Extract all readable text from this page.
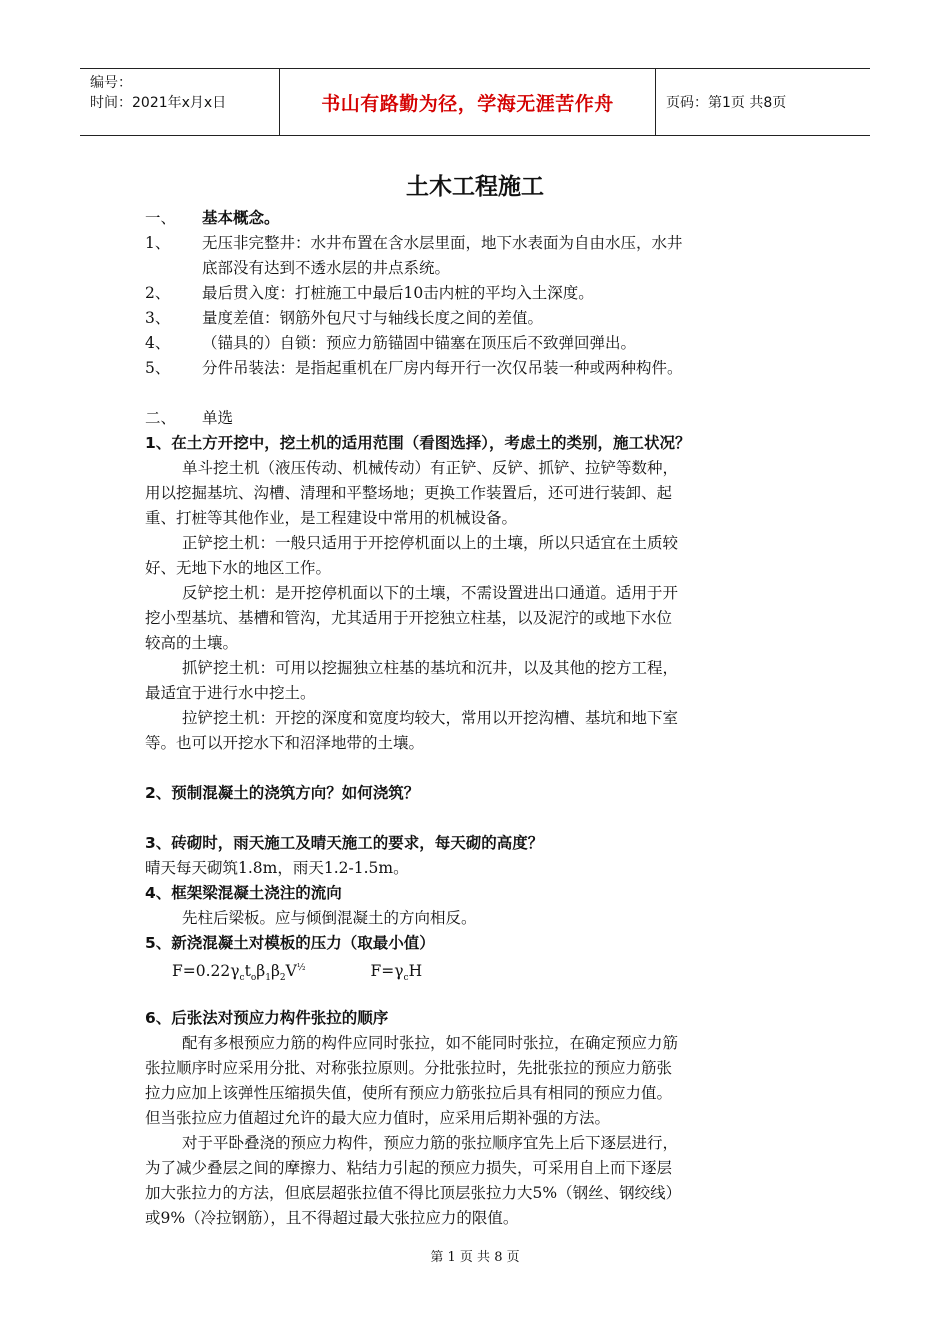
编号：
时间：2021年x月x日	书山有路勤为径，学海无涯苦作舟	页码：第1页 共8页
土木工程施工
一、 基本概念。
1、 无压非完整井：水井布置在含水层里面，地下水表面为自由水压，水井
底部没有达到不透水层的井点系统。
2、 最后贯入度：打桩施工中最后10击内桩的平均入土深度。
3、 量度差值：钢筋外包尺寸与轴线长度之间的差值。
4、 （锚具的）自锁：预应力筋锚固中锚塞在顶压后不致弹回弹出。
5、 分件吊装法：是指起重机在厂房内每开行一次仅吊装一种或两种构件。
二、 单选
1、在土方开挖中，挖土机的适用范围（看图选择），考虑土的类别，施工状况？
单斗挖土机（液压传动、机械传动）有正铲、反铲、抓铲、拉铲等数种，
用以挖掘基坑、沟槽、清理和平整场地；更换工作装置后，还可进行装卸、起
重、打桩等其他作业，是工程建设中常用的机械设备。
正铲挖土机：一般只适用于开挖停机面以上的土壤，所以只适宜在土质较
好、无地下水的地区工作。
反铲挖土机：是开挖停机面以下的土壤，不需设置进出口通道。适用于开
挖小型基坑、基槽和管沟，尤其适用于开挖独立柱基，以及泥泞的或地下水位
较高的土壤。
抓铲挖土机：可用以挖掘独立柱基的基坑和沉井，以及其他的挖方工程，
最适宜于进行水中挖土。
拉铲挖土机：开挖的深度和宽度均较大，常用以开挖沟槽、基坑和地下室
等。也可以开挖水下和沼泽地带的土壤。
2、预制混凝土的浇筑方向？如何浇筑？
3、砖砌时，雨天施工及晴天施工的要求，每天砌的高度？
晴天每天砌筑1.8m，雨天1.2-1.5m。
4、框架梁混凝土浇注的流向
先柱后梁板。应与倾倒混凝土的方向相反。
5、新浇混凝土对模板的压力（取最小值）
$F=0.22\gamma_ct_o\beta_1\beta_2V^{\frac{1}{2}}$	$F=\gamma_cH$
6、后张法对预应力构件张拉的顺序
配有多根预应力筋的构件应同时张拉，如不能同时张拉，在确定预应力筋
张拉顺序时应采用分批、对称张拉原则。分批张拉时，先批张拉的预应力筋张
拉力应加上该弹性压缩损失值，使所有预应力筋张拉后具有相同的预应力值。
但当张拉应力值超过允许的最大应力值时，应采用后期补强的方法。
对于平卧叠浇的预应力构件，预应力筋的张拉顺序宜先上后下逐层进行，
为了减少叠层之间的摩擦力、粘结力引起的预应力损失，可采用自上而下逐层
加大张拉力的方法，但底层超张拉值不得比顶层张拉力大5%（钢丝、钢绞线）
或9%（冷拉钢筋），且不得超过最大张拉应力的限值。
第 1 页 共 8 页
